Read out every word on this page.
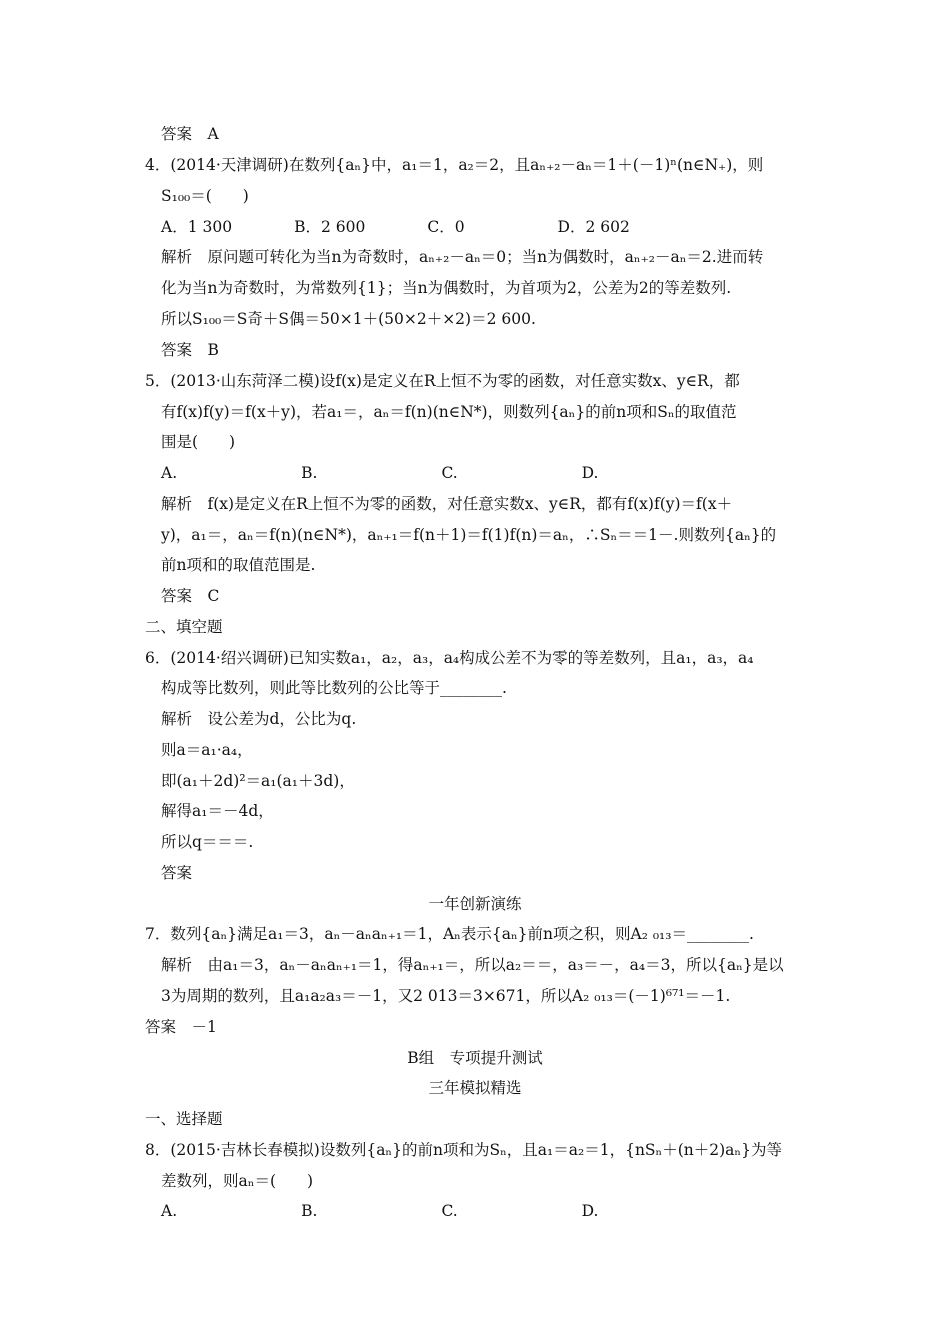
答案　A
4．(2014·天津调研)在数列{aₙ}中，a₁＝1，a₂＝2，且aₙ₊₂－aₙ＝1＋(－1)ⁿ(n∈N₊)，则
S₁₀₀＝(　　)
A．1 300　　　　B．2 600　　　　C．0　　　　　　D．2 602
解析　原问题可转化为当n为奇数时，aₙ₊₂－aₙ＝0；当n为偶数时，aₙ₊₂－aₙ＝2.进而转
化为当n为奇数时，为常数列{1}；当n为偶数时，为首项为2，公差为2的等差数列.
所以S₁₀₀＝S奇＋S偶＝50×1＋(50×2＋×2)＝2 600.
答案　B
5．(2013·山东菏泽二模)设f(x)是定义在R上恒不为零的函数，对任意实数x、y∈R，都
有f(x)f(y)＝f(x＋y)，若a₁＝，aₙ＝f(n)(n∈N*)，则数列{aₙ}的前n项和Sₙ的取值范
围是(　　)
A.　　　　　　　　B.　　　　　　　　C.　　　　　　　　D.
解析　f(x)是定义在R上恒不为零的函数，对任意实数x、y∈R，都有f(x)f(y)＝f(x＋
y)，a₁＝，aₙ＝f(n)(n∈N*)，aₙ₊₁＝f(n＋1)＝f(1)f(n)＝aₙ，∴Sₙ＝＝1－.则数列{aₙ}的
前n项和的取值范围是.
答案　C
二、填空题
6．(2014·绍兴调研)已知实数a₁，a₂，a₃，a₄构成公差不为零的等差数列，且a₁，a₃，a₄
构成等比数列，则此等比数列的公比等于________.
解析　设公差为d，公比为q.
则a＝a₁·a₄，
即(a₁＋2d)²＝a₁(a₁＋3d)，
解得a₁＝－4d，
所以q＝＝＝.
答案
一年创新演练
7．数列{aₙ}满足a₁＝3，aₙ－aₙaₙ₊₁＝1，Aₙ表示{aₙ}前n项之积，则A₂ ₀₁₃＝________.
解析　由a₁＝3，aₙ－aₙaₙ₊₁＝1，得aₙ₊₁＝，所以a₂＝＝，a₃＝－，a₄＝3，所以{aₙ}是以
3为周期的数列，且a₁a₂a₃＝－1，又2 013＝3×671，所以A₂ ₀₁₃＝(－1)⁶⁷¹＝－1.
答案　－1
B组　专项提升测试
三年模拟精选
一、选择题
8．(2015·吉林长春模拟)设数列{aₙ}的前n项和为Sₙ，且a₁＝a₂＝1，{nSₙ＋(n＋2)aₙ}为等
差数列，则aₙ＝(　　)
A.　　　　　　　　B.　　　　　　　　C.　　　　　　　　D.
